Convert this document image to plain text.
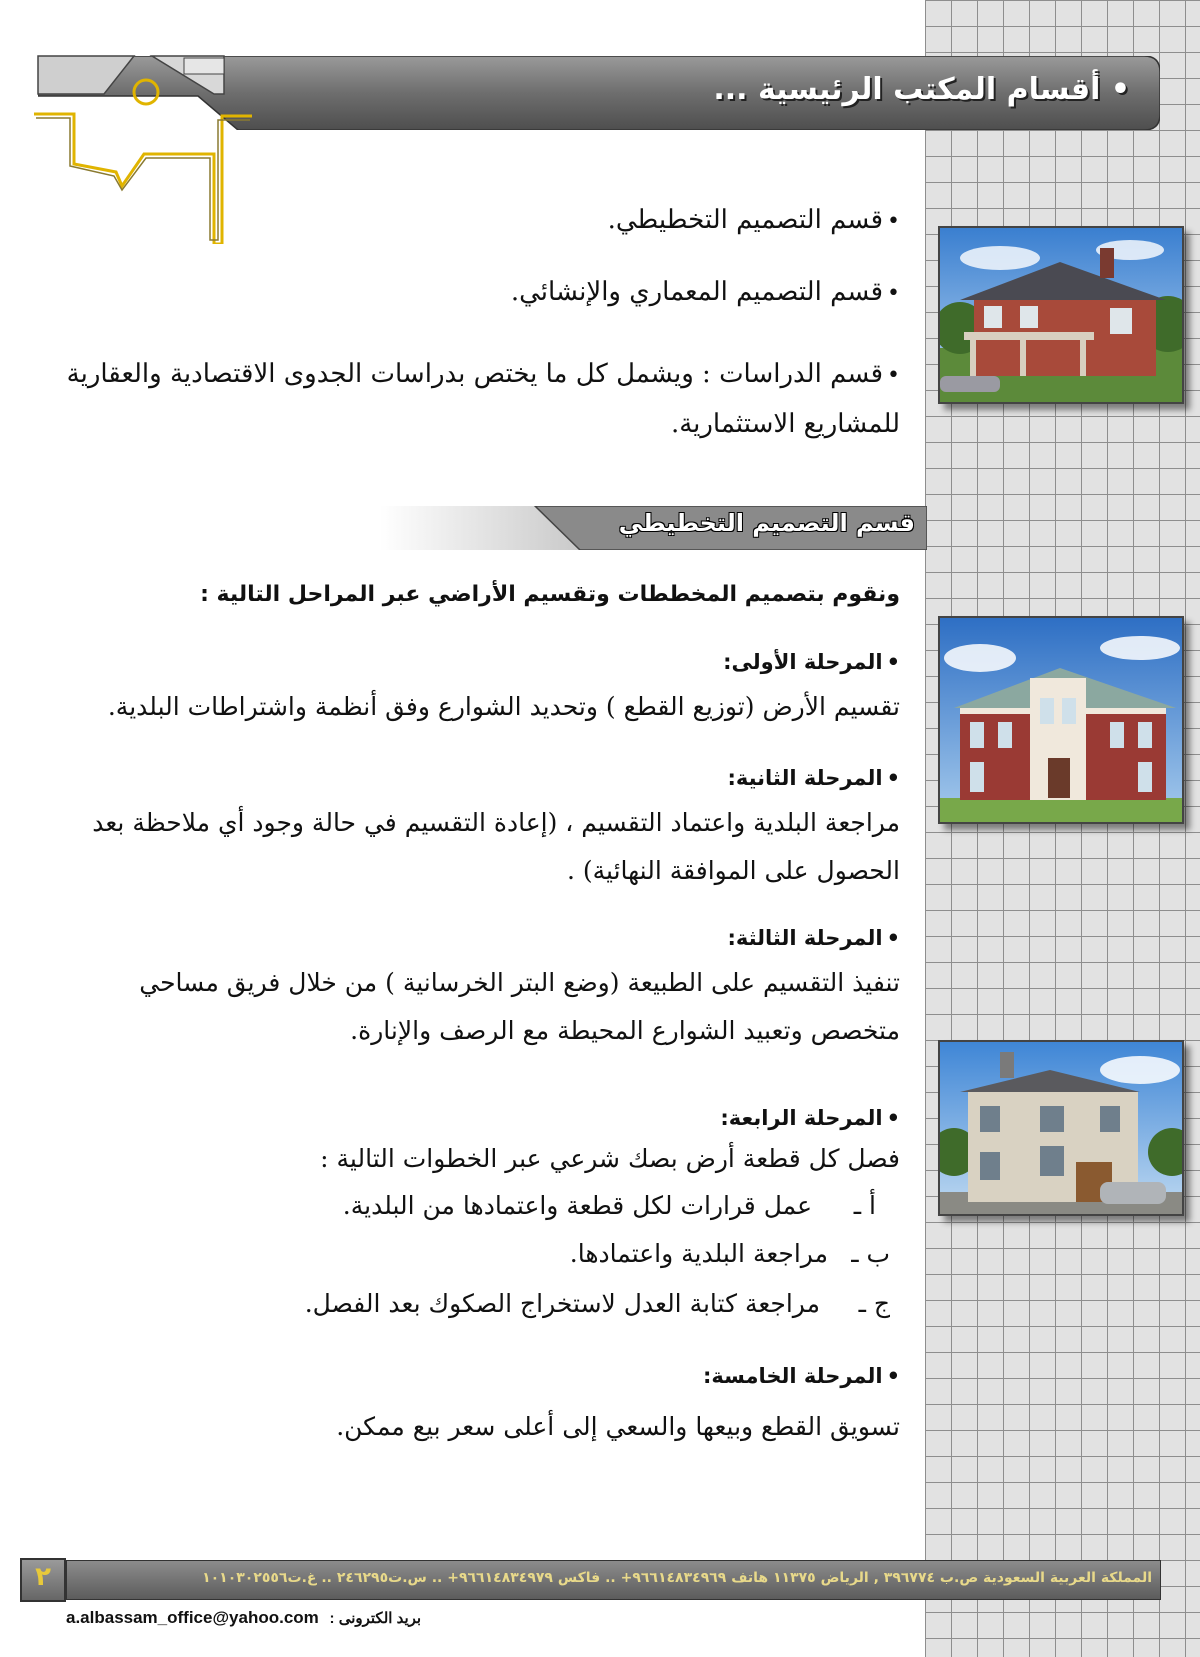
• أقسام المكتب الرئيسية ...
• قسم التصميم التخطيطي.
• قسم التصميم المعماري والإنشائي.
• قسم الدراسات : ويشمل كل ما يختص بدراسات الجدوى الاقتصادية والعقارية
للمشاريع الاستثمارية.
قسم التصميم التخطيطي
ونقوم بتصميم المخططات وتقسيم الأراضي عبر المراحل التالية :
• المرحلة الأولى:
تقسيم الأرض (توزيع القطع ) وتحديد الشوارع وفق أنظمة واشتراطات البلدية.
• المرحلة الثانية:
مراجعة البلدية واعتماد التقسيم ، (إعادة التقسيم في حالة وجود أي ملاحظة بعد
الحصول على الموافقة النهائية) .
• المرحلة الثالثة:
تنفيذ التقسيم على الطبيعة (وضع البتر الخرسانية ) من خلال فريق مساحي
متخصص وتعبيد الشوارع المحيطة مع الرصف والإنارة.
• المرحلة الرابعة:
فصل كل قطعة أرض بصك شرعي عبر الخطوات التالية :
أ ـ
عمل قرارات لكل قطعة واعتمادها من البلدية.
ب ـ
مراجعة البلدية واعتمادها.
ج ـ
مراجعة كتابة العدل لاستخراج الصكوك بعد الفصل.
• المرحلة الخامسة:
تسويق القطع وبيعها والسعي إلى أعلى سعر بيع ممكن.
٢	المملكة العربية السعودية ص.ب ٣٩٦٧٧٤ , الرياض ١١٣٧٥ هاتف ٩٦٦١٤٨٣٤٩٦٩+ .. فاكس ٩٦٦١٤٨٣٤٩٧٩+ .. س.ت٢٤٦٢٩٥ .. غ.ت١٠١٠٣٠٢٥٥٦
a.albassam_office@yahoo.com بريد الكترونى :
